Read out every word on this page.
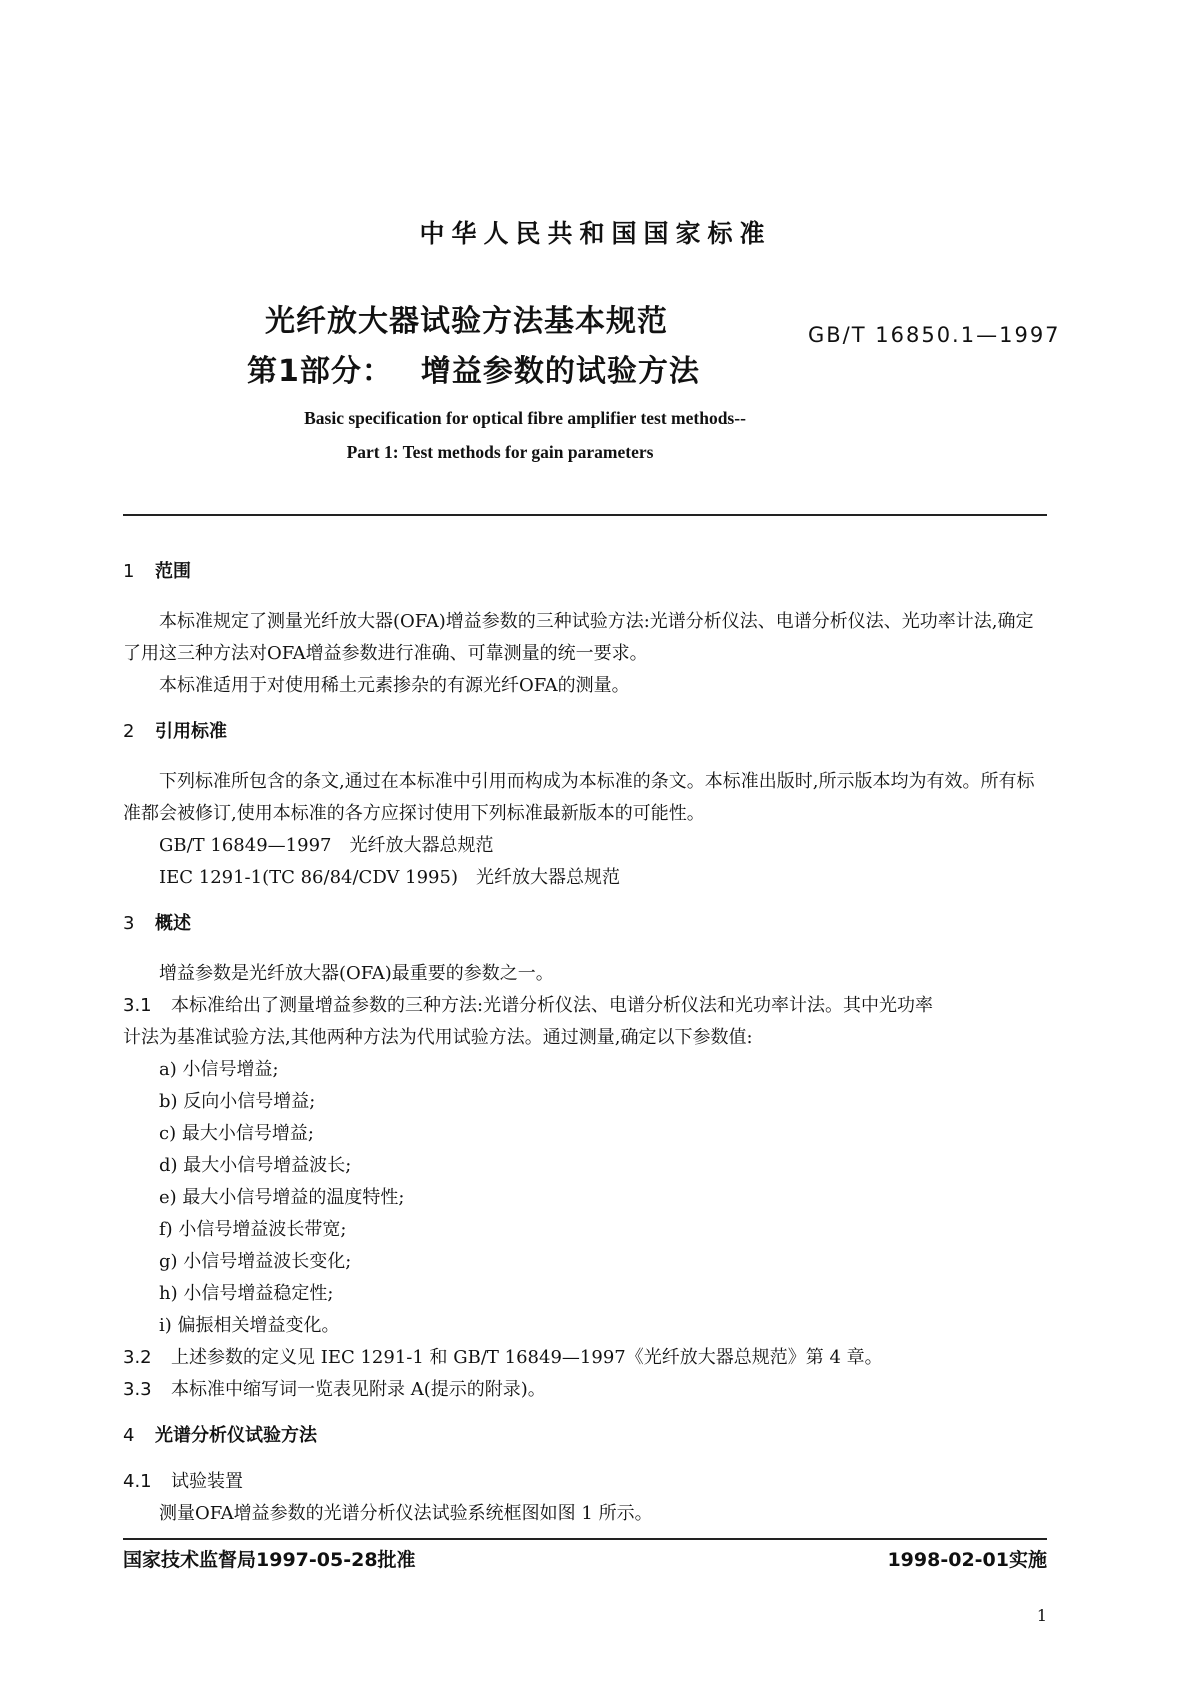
中华人民共和国国家标准
光纤放大器试验方法基本规范
第1部分： 增益参数的试验方法
GB/T 16850.1—1997
Basic specification for optical fibre amplifier test methods--
Part 1: Test methods for gain parameters

1 范围

本标准规定了测量光纤放大器(OFA)增益参数的三种试验方法:光谱分析仪法、电谱分析仪法、光功率计法,确定了用这三种方法对OFA增益参数进行准确、可靠测量的统一要求。

本标准适用于对使用稀土元素掺杂的有源光纤OFA的测量。

2 引用标准

下列标准所包含的条文,通过在本标准中引用而构成为本标准的条文。本标准出版时,所示版本均为有效。所有标准都会被修订,使用本标准的各方应探讨使用下列标准最新版本的可能性。

GB/T 16849—1997　光纤放大器总规范

IEC 1291-1(TC 86/84/CDV 1995)　光纤放大器总规范

3 概述

增益参数是光纤放大器(OFA)最重要的参数之一。

3.1 本标准给出了测量增益参数的三种方法:光谱分析仪法、电谱分析仪法和光功率计法。其中光功率

计法为基准试验方法,其他两种方法为代用试验方法。通过测量,确定以下参数值:

a) 小信号增益;

b) 反向小信号增益;

c) 最大小信号增益;

d) 最大小信号增益波长;

e) 最大小信号增益的温度特性;

f) 小信号增益波长带宽;

g) 小信号增益波长变化;

h) 小信号增益稳定性;

i) 偏振相关增益变化。

3.2 上述参数的定义见 IEC 1291-1 和 GB/T 16849—1997《光纤放大器总规范》第 4 章。

3.3 本标准中缩写词一览表见附录 A(提示的附录)。

4 光谱分析仪试验方法

4.1 试验装置

测量OFA增益参数的光谱分析仪法试验系统框图如图 1 所示。

国家技术监督局1997-05-28批准	1998-02-01实施
1
